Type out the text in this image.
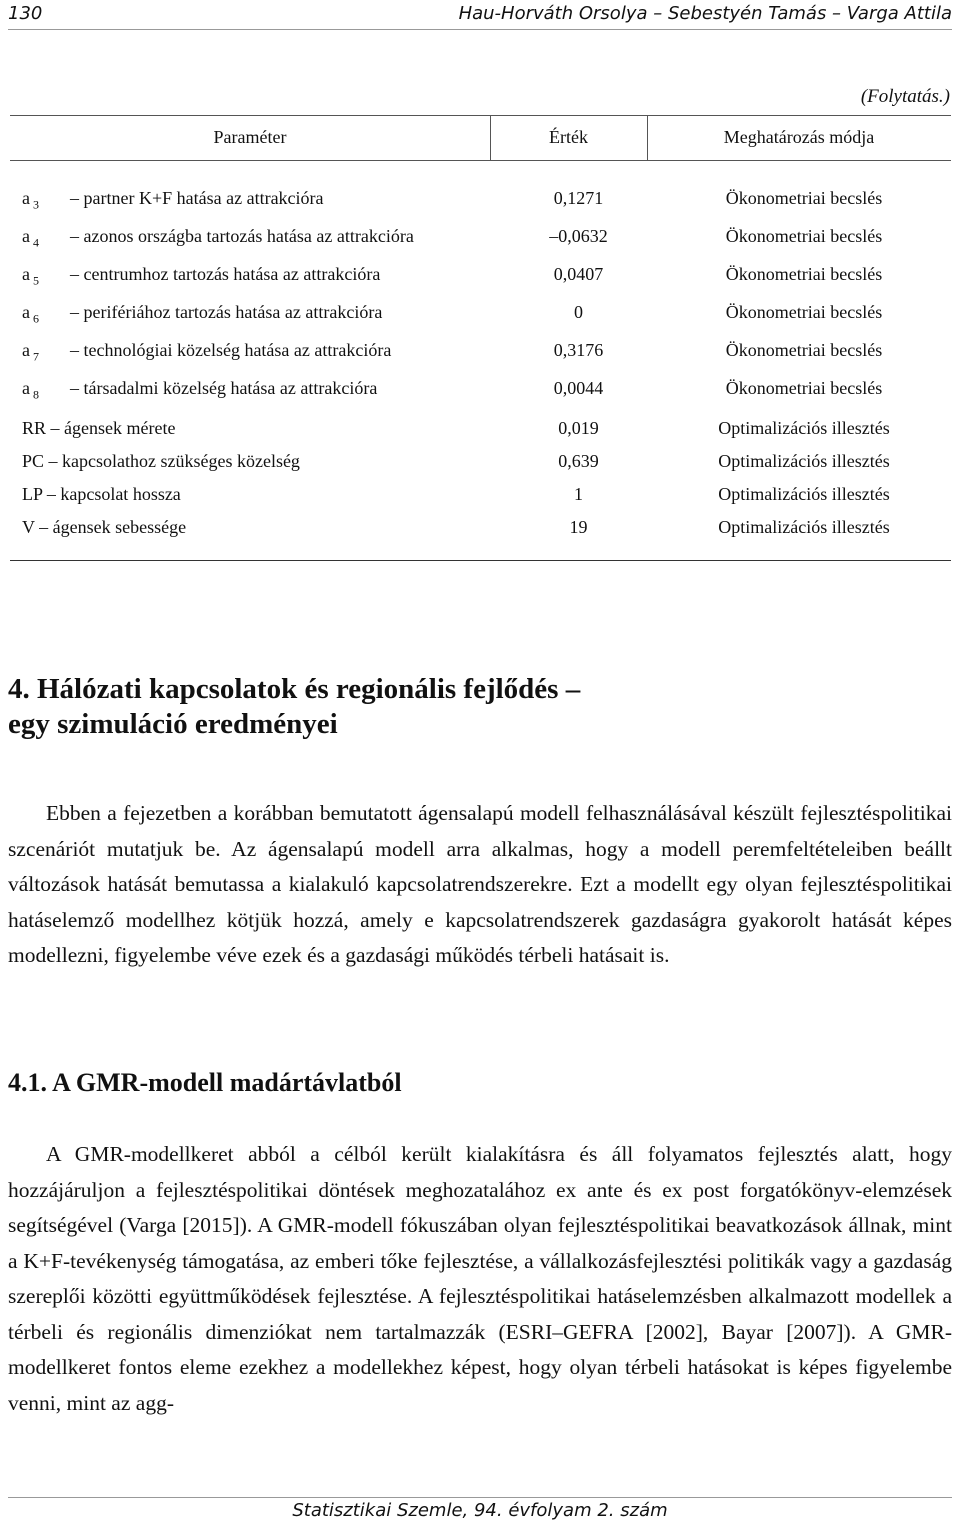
130	Hau-Horváth Orsolya – Sebestyén Tamás – Varga Attila
(Folytatás.)
Paraméter	Érték	Meghatározás módja
a $_3$ – partner K+F hatása az attrakcióra	0,1271	Ökonometriai becslés
a $_4$ – azonos országba tartozás hatása az attrakcióra	–0,0632	Ökonometriai becslés
a $_5$ – centrumhoz tartozás hatása az attrakcióra	0,0407	Ökonometriai becslés
a $_6$ – perifériához tartozás hatása az attrakcióra	0	Ökonometriai becslés
a $_7$ – technológiai közelség hatása az attrakcióra	0,3176	Ökonometriai becslés
a $_8$ – társadalmi közelség hatása az attrakcióra	0,0044	Ökonometriai becslés
RR – ágensek mérete	0,019	Optimalizációs illesztés
PC – kapcsolathoz szükséges közelség	0,639	Optimalizációs illesztés
LP – kapcsolat hossza	1	Optimalizációs illesztés
V – ágensek sebessége	19	Optimalizációs illesztés
4. Hálózati kapcsolatok és regionális fejlődés –
egy szimuláció eredményei
Ebben a fejezetben a korábban bemutatott ágensalapú modell felhasználásával készült fejlesztéspolitikai szcenáriót mutatjuk be. Az ágensalapú modell arra alkalmas, hogy a modell peremfeltételeiben beállt változások hatását bemutassa a kialakuló kapcsolatrendszerekre. Ezt a modellt egy olyan fejlesztéspolitikai hatáselemző modellhez kötjük hozzá, amely e kapcsolatrendszerek gazdaságra gyakorolt hatását képes modellezni, figyelembe véve ezek és a gazdasági működés térbeli hatásait is.
4.1. A GMR-modell madártávlatból
A GMR-modellkeret abból a célból került kialakításra és áll folyamatos fejlesztés alatt, hogy hozzájáruljon a fejlesztéspolitikai döntések meghozatalához ex ante és ex post forgatókönyv-elemzések segítségével (Varga [2015]). A GMR-modell fókuszában olyan fejlesztéspolitikai beavatkozások állnak, mint a K+F-tevékenység támogatása, az emberi tőke fejlesztése, a vállalkozásfejlesztési politikák vagy a gazdaság szereplői közötti együttműködések fejlesztése. A fejlesztéspolitikai hatáselemzésben alkalmazott modellek a térbeli és regionális dimenziókat nem tartalmazzák (ESRI–GEFRA [2002], Bayar [2007]). A GMR-modellkeret fontos eleme ezekhez a modellekhez képest, hogy olyan térbeli hatásokat is képes figyelembe venni, mint az agg-
Statisztikai Szemle, 94. évfolyam 2. szám
